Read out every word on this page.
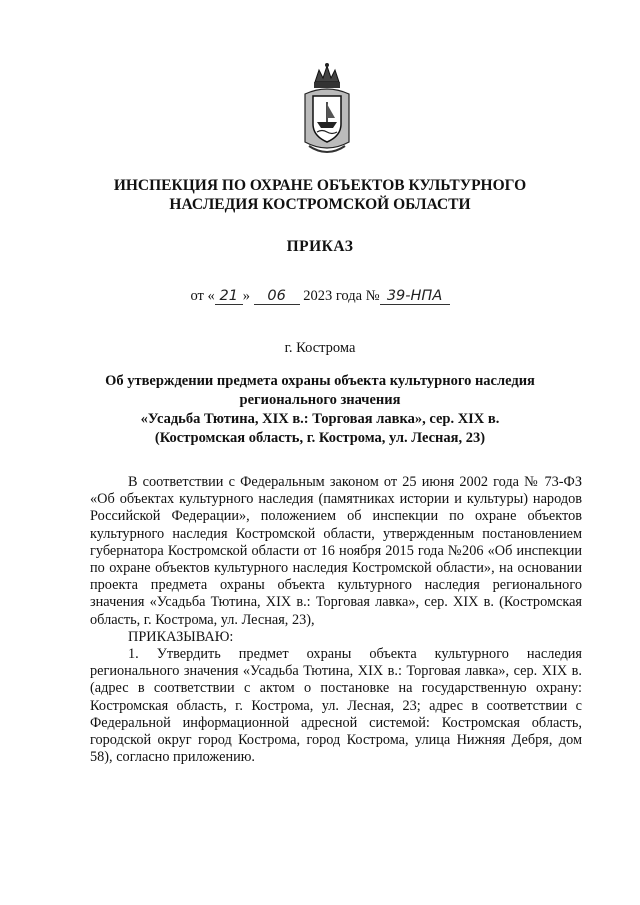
ИНСПЕКЦИЯ ПО ОХРАНЕ ОБЪЕКТОВ КУЛЬТУРНОГО
НАСЛЕДИЯ КОСТРОМСКОЙ ОБЛАСТИ
ПРИКАЗ
от « 21 » 06 2023 года № 39-НПА
г. Кострома
Об утверждении предмета охраны объекта культурного наследия
регионального значения
«Усадьба Тютина, XIX в.: Торговая лавка», сер. XIX в.
(Костромская область, г. Кострома, ул. Лесная, 23)

В соответствии с Федеральным законом от 25 июня 2002 года № 73-ФЗ «Об объектах культурного наследия (памятниках истории и культуры) народов Российской Федерации», положением об инспекции по охране объектов культурного наследия Костромской области, утвержденным постановлением губернатора Костромской области от 16 ноября 2015 года №206 «Об инспекции по охране объектов культурного наследия Костромской области», на основании проекта предмета охраны объекта культурного наследия регионального значения «Усадьба Тютина, XIX в.: Торговая лавка», сер. XIX в. (Костромская область, г. Кострома, ул. Лесная, 23),

ПРИКАЗЫВАЮ:

1. Утвердить предмет охраны объекта культурного наследия регионального значения «Усадьба Тютина, XIX в.: Торговая лавка», сер. XIX в. (адрес в соответствии с актом о постановке на государственную охрану: Костромская область, г. Кострома, ул. Лесная, 23; адрес в соответствии с Федеральной информационной адресной системой: Костромская область, городской округ город Кострома, город Кострома, улица Нижняя Дебря, дом 58), согласно приложению.
